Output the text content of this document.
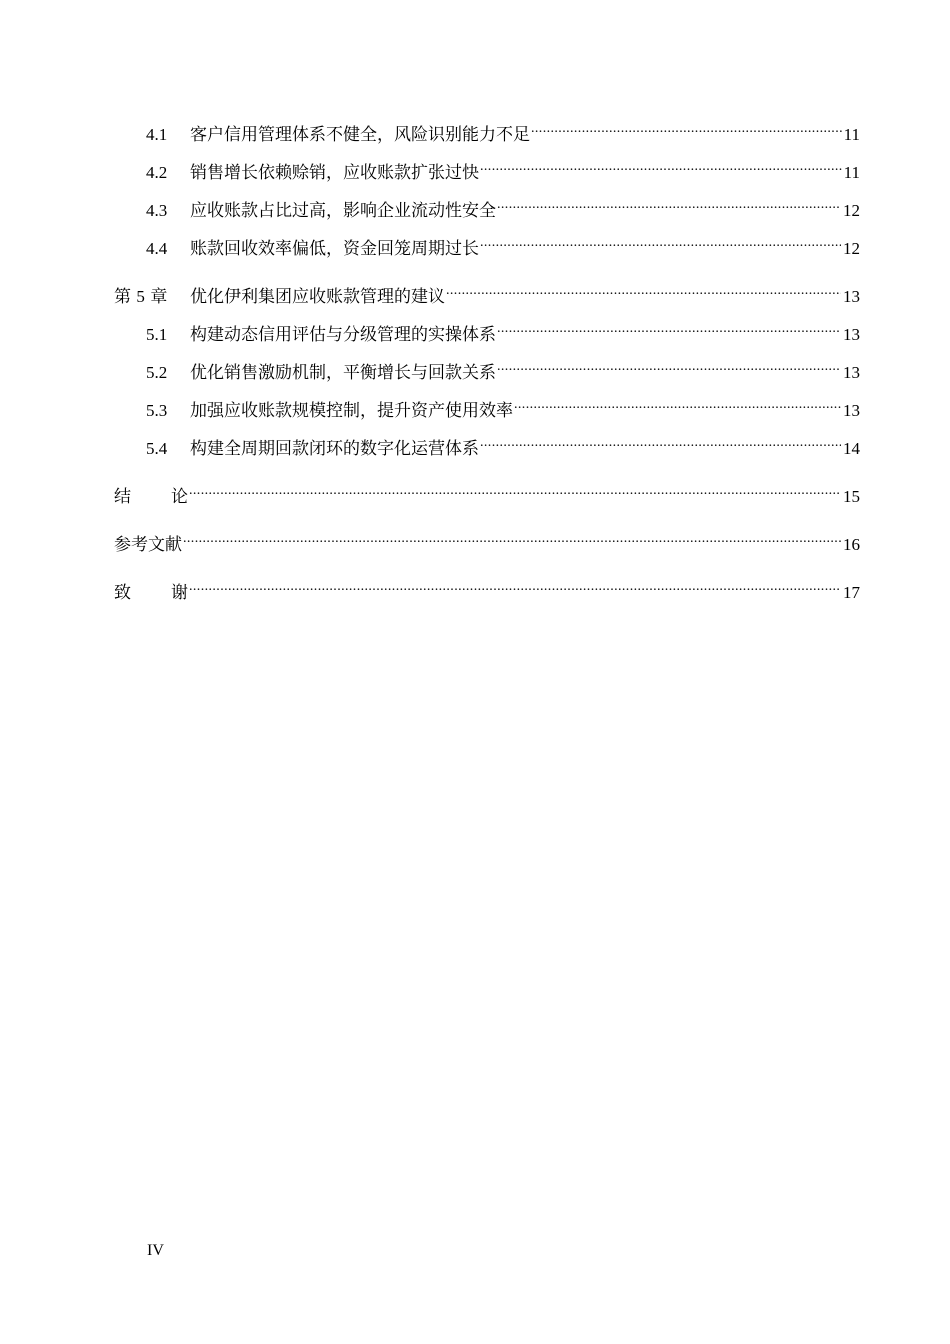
4.1	客户信用管理体系不健全，风险识别能力不足 .....	11
4.2	销售增长依赖赊销，应收账款扩张过快 .....	11
4.3	应收账款占比过高，影响企业流动性安全 .....	12
4.4	账款回收效率偏低，资金回笼周期过长 .....	12
第 5 章	优化伊利集团应收账款管理的建议 .....	13
5.1	构建动态信用评估与分级管理的实操体系 .....	13
5.2	优化销售激励机制，平衡增长与回款关系 .....	13
5.3	加强应收账款规模控制，提升资产使用效率 .....	13
5.4	构建全周期回款闭环的数字化运营体系 .....	14
结论 .....	15
参考文献 .....	16
致谢 .....	17
IV
